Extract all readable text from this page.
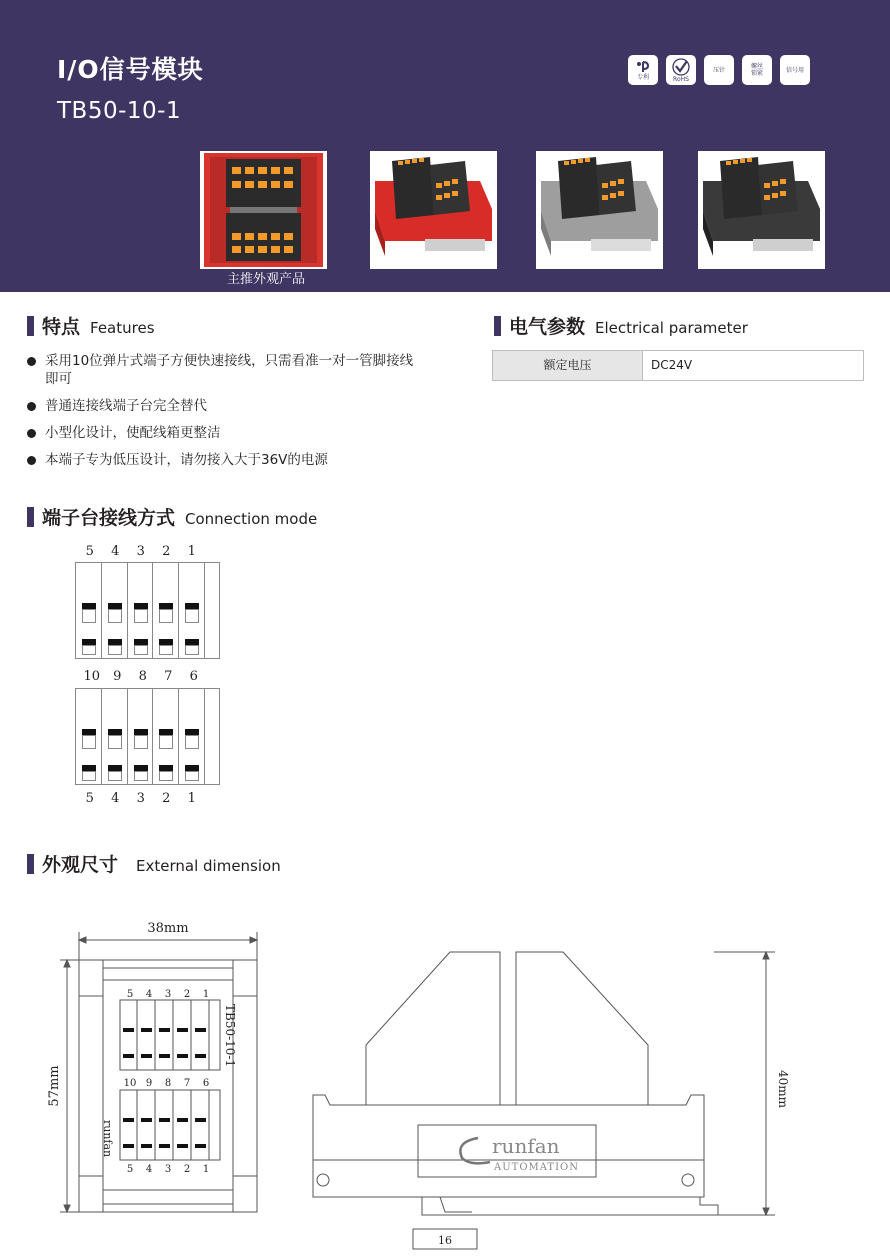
I/O信号模块
TB50-10-1
专利	RoHS
压针	螺丝
锁紧	信号用
主推外观产品
特点 Features
采用10位弹片式端子方便快速接线，只需看准一对一管脚接线即可
普通连接线端子台完全替代
小型化设计，使配线箱更整洁
本端子专为低压设计，请勿接入大于36V的电源
电气参数 Electrical parameter
额定电压	DC24V
端子台接线方式 Connection mode
5	4	3	2	1
10	9	8	7	6
5	4	3	2	1
外观尺寸 External dimension
38mm
57mm
TB50-10-1
5 4 3 2 1
10 9 8 7 6
5 4 3 2 1
runfan	runfan
AUTOMATION
40mm
16
